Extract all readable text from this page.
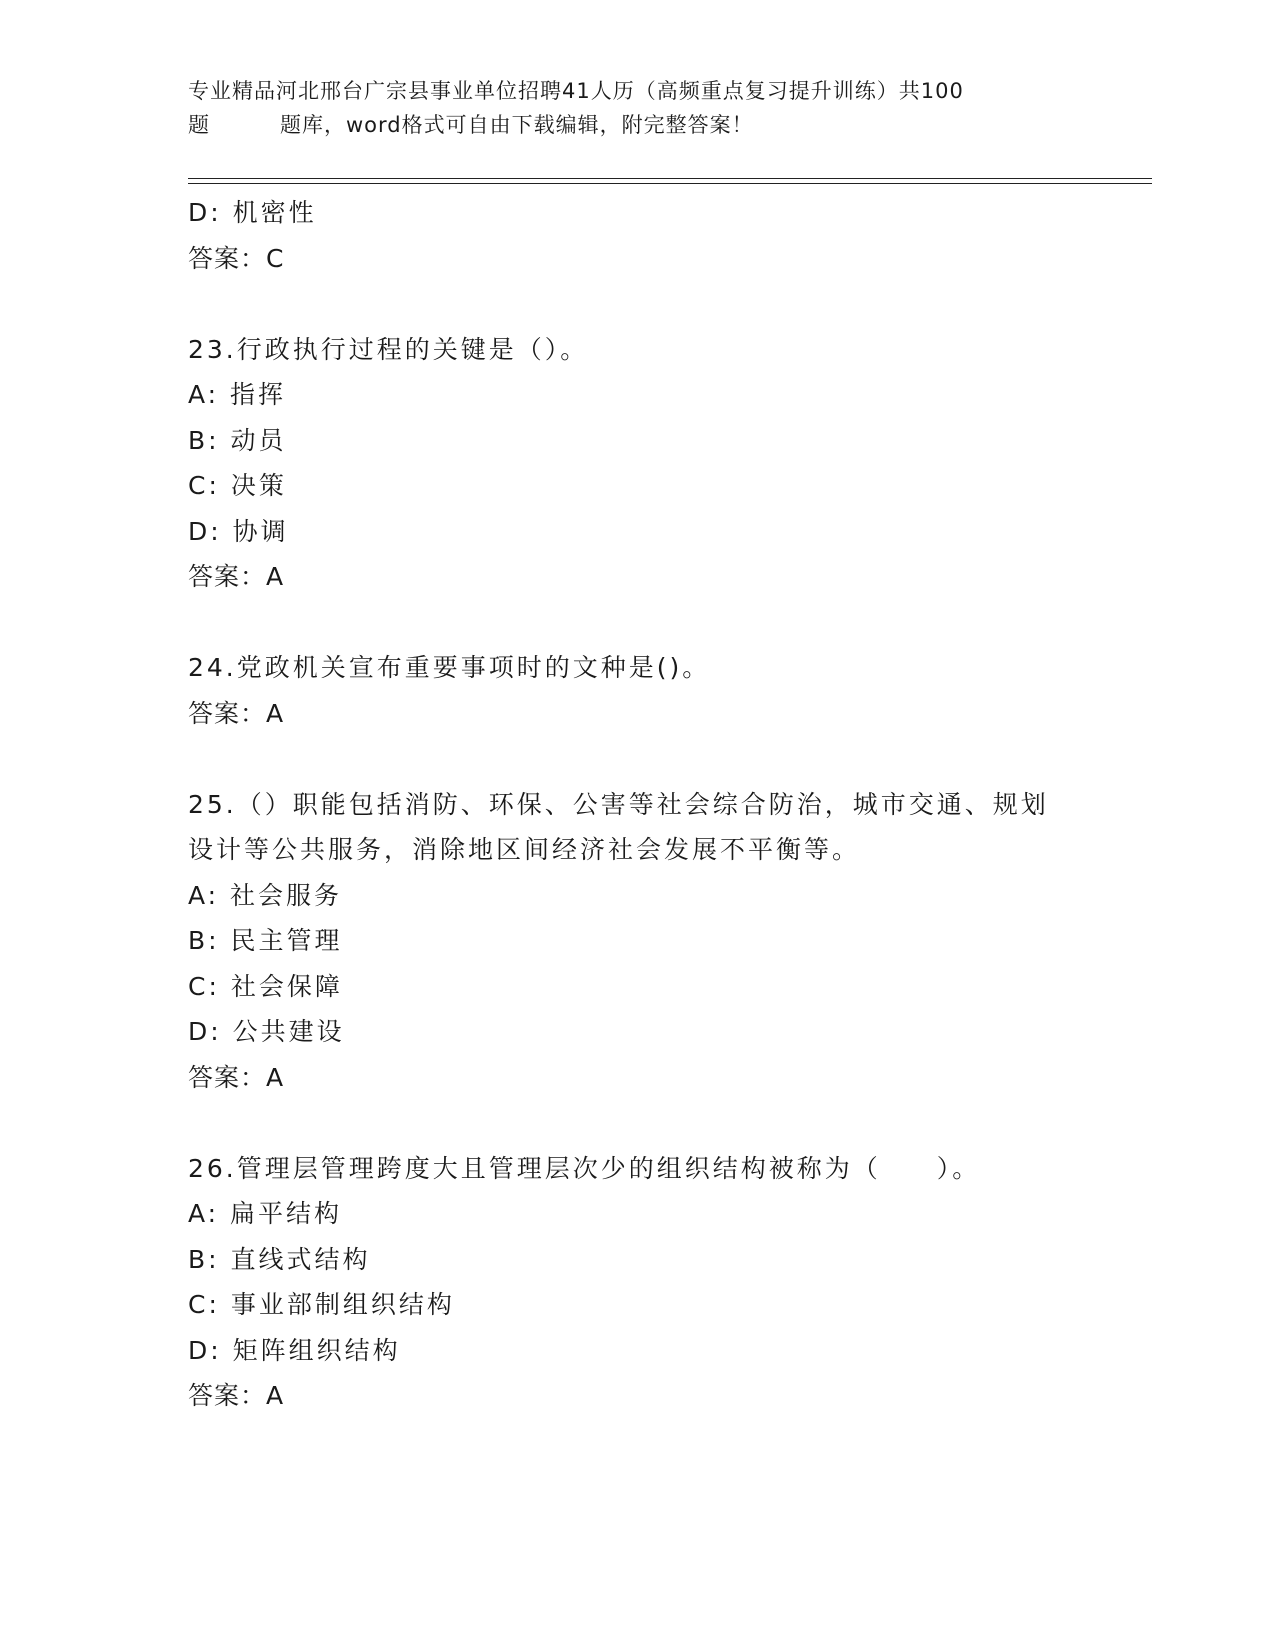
专业精品河北邢台广宗县事业单位招聘41人历（高频重点复习提升训练）共100
题	题库，word格式可自由下载编辑，附完整答案！
D: 机密性
答案：C
23.行政执行过程的关键是（）。
A: 指挥
B: 动员
C: 决策
D: 协调
答案：A
24.党政机关宣布重要事项时的文种是()。
答案：A
25.（）职能包括消防、环保、公害等社会综合防治，城市交通、规划设计等公共服务，消除地区间经济社会发展不平衡等。
A: 社会服务
B: 民主管理
C: 社会保障
D: 公共建设
答案：A
26.管理层管理跨度大且管理层次少的组织结构被称为（　　）。
A: 扁平结构
B: 直线式结构
C: 事业部制组织结构
D: 矩阵组织结构
答案：A
